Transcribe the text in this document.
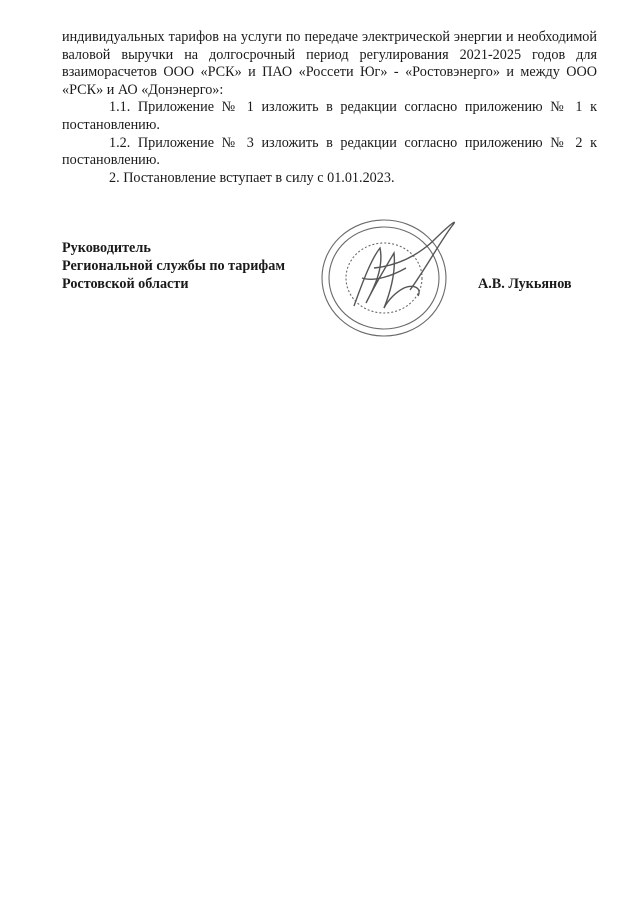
индивидуальных тарифов на услуги по передаче электрической энергии и необходимой валовой выручки на долгосрочный период регулирования 2021-2025 годов для взаиморасчетов ООО «РСК» и ПАО «Россети Юг» - «Ростовэнерго» и между ООО «РСК» и АО «Донэнерго»:

1.1. Приложение № 1 изложить в редакции согласно приложению № 1 к постановлению.

1.2. Приложение № 3 изложить в редакции согласно приложению № 2 к постановлению.

2. Постановление вступает в силу с 01.01.2023.

Руководитель
Региональной службы по тарифам
Ростовской области	А.В. Лукьянов
